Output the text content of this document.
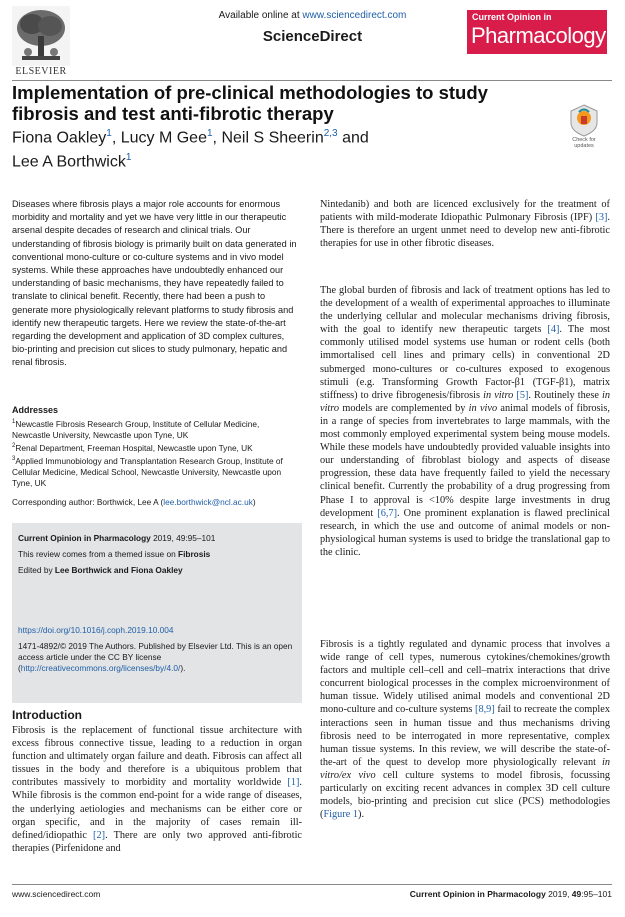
ELSEVIER
Available online at www.sciencedirect.com
ScienceDirect
Current Opinion in
Pharmacology
Implementation of pre-clinical methodologies to study fibrosis and test anti-fibrotic therapy
Fiona Oakley$^1$, Lucy M Gee$^1$, Neil S Sheerin$^{2,3}$ and
Lee A Borthwick$^1$
Check for updates
Diseases where fibrosis plays a major role accounts for enormous morbidity and mortality and yet we have very little in our therapeutic arsenal despite decades of research and clinical trials. Our understanding of fibrosis biology is primarily built on data generated in conventional mono-culture or co-culture systems and in vivo model systems. While these approaches have undoubtedly enhanced our understanding of basic mechanisms, they have repeatedly failed to translate to clinical benefit. Recently, there had been a push to generate more physiologically relevant platforms to study fibrosis and identify new therapeutic targets. Here we review the state-of-the-art regarding the development and application of 3D complex cultures, bio-printing and precision cut slices to study pulmonary, hepatic and renal fibrosis.
Addresses
$^1$Newcastle Fibrosis Research Group, Institute of Cellular Medicine, Newcastle University, Newcastle upon Tyne, UK
$^2$Renal Department, Freeman Hospital, Newcastle upon Tyne, UK
$^3$Applied Immunobiology and Transplantation Research Group, Institute of Cellular Medicine, Medical School, Newcastle University, Newcastle upon Tyne, UK
Corresponding author: Borthwick, Lee A (lee.borthwick@ncl.ac.uk)
Current Opinion in Pharmacology 2019, 49:95–101
This review comes from a themed issue on Fibrosis
Edited by Lee Borthwick and Fiona Oakley
https://doi.org/10.1016/j.coph.2019.10.004
1471-4892/© 2019 The Authors. Published by Elsevier Ltd. This is an open access article under the CC BY license (http://creativecommons.org/licenses/by/4.0/).
Introduction
Fibrosis is the replacement of functional tissue architecture with excess fibrous connective tissue, leading to a reduction in organ function and ultimately organ failure and death. Fibrosis can affect all tissues in the body and therefore is a ubiquitous problem that contributes massively to morbidity and mortality worldwide [1]. While fibrosis is the common end-point for a wide range of diseases, the underlying aetiologies and mechanisms can be either core or organ specific, and in the majority of cases remain ill-defined/idiopathic [2]. There are only two approved anti-fibrotic therapies (Pirfenidone and
Nintedanib) and both are licenced exclusively for the treatment of patients with mild-moderate Idiopathic Pulmonary Fibrosis (IPF) [3]. There is therefore an urgent unmet need to develop new anti-fibrotic therapies for use in other fibrotic diseases.
The global burden of fibrosis and lack of treatment options has led to the development of a wealth of experimental approaches to illuminate the underlying cellular and molecular mechanisms driving fibrosis, with the goal to identify new therapeutic targets [4]. The most commonly utilised model systems use human or rodent cells (both immortalised cell lines and primary cells) in conventional 2D submerged mono-cultures or co-cultures exposed to exogenous stimuli (e.g. Transforming Growth Factor-β1 (TGF-β1), matrix stiffness) to drive fibrogenesis/fibrosis in vitro [5]. Routinely these in vitro models are complemented by in vivo animal models of fibrosis, in a range of species from invertebrates to large mammals, with the most commonly employed experimental system being mouse models. While these models have undoubtedly provided valuable insights into our understanding of fibroblast biology and aspects of disease progression, these data have frequently failed to yield the necessary clinical benefit. Currently the probability of a drug progressing from Phase I to approval is <10% despite large investments in drug development [6,7]. One prominent explanation is flawed preclinical research, in which the use and outcome of animal models or non-physiological human systems is used to bridge the translational gap to the clinic.
Fibrosis is a tightly regulated and dynamic process that involves a wide range of cell types, numerous cytokines/chemokines/growth factors and multiple cell–cell and cell–matrix interactions that drive concurrent biological processes in the complex microenvironment of human tissue. Widely utilised animal models and conventional 2D mono-culture and co-culture systems [8,9] fail to recreate the complex interactions seen in human tissue and thus mechanisms driving fibrosis need to be interrogated in more representative, complex human tissue systems. In this review, we will describe the state-of-the-art of the quest to develop more physiologically relevant in vitro/ex vivo cell culture systems to model fibrosis, focussing particularly on exciting recent advances in complex 3D cell culture models, bio-printing and precision cut slice (PCS) methodologies (Figure 1).
www.sciencedirect.com	Current Opinion in Pharmacology 2019, 49:95–101
